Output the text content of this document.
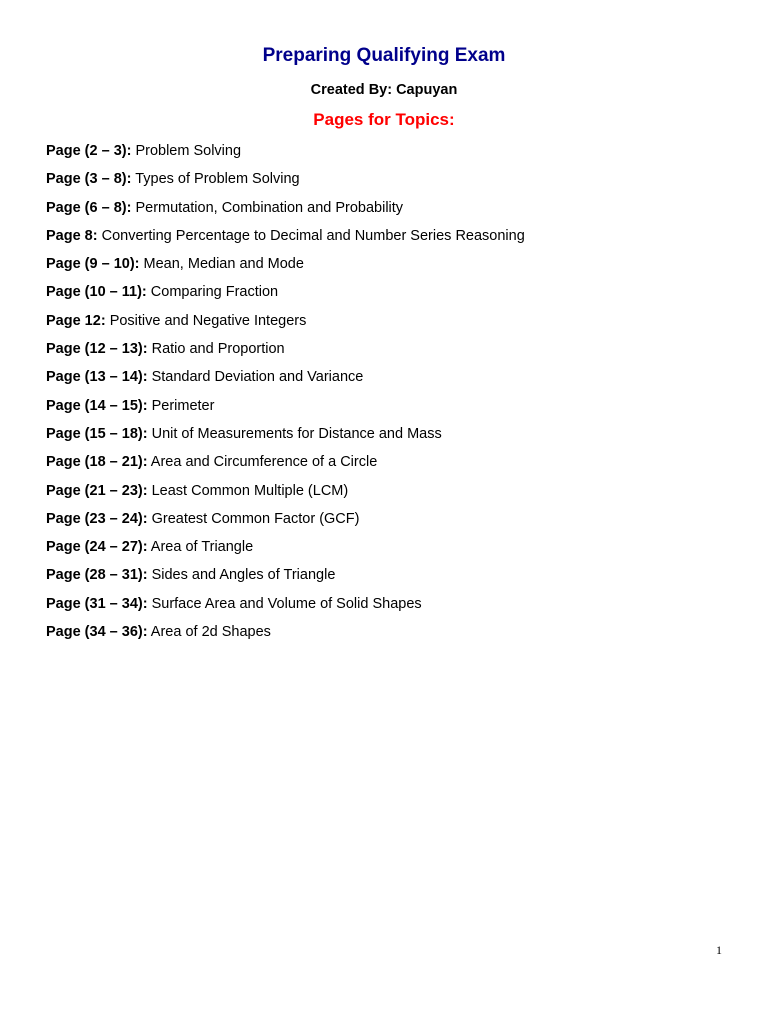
Preparing Qualifying Exam
Created By: Capuyan
Pages for Topics:
Page (2 – 3): Problem Solving
Page (3 – 8): Types of Problem Solving
Page (6 – 8): Permutation, Combination and Probability
Page 8: Converting Percentage to Decimal and Number Series Reasoning
Page (9 – 10): Mean, Median and Mode
Page (10 – 11): Comparing Fraction
Page 12: Positive and Negative Integers
Page (12 – 13): Ratio and Proportion
Page (13 – 14): Standard Deviation and Variance
Page (14 – 15): Perimeter
Page (15 – 18): Unit of Measurements for Distance and Mass
Page (18 – 21): Area and Circumference of a Circle
Page (21 – 23): Least Common Multiple (LCM)
Page (23 – 24): Greatest Common Factor (GCF)
Page (24 – 27): Area of Triangle
Page (28 – 31): Sides and Angles of Triangle
Page (31 – 34): Surface Area and Volume of Solid Shapes
Page (34 – 36): Area of 2d Shapes
1
